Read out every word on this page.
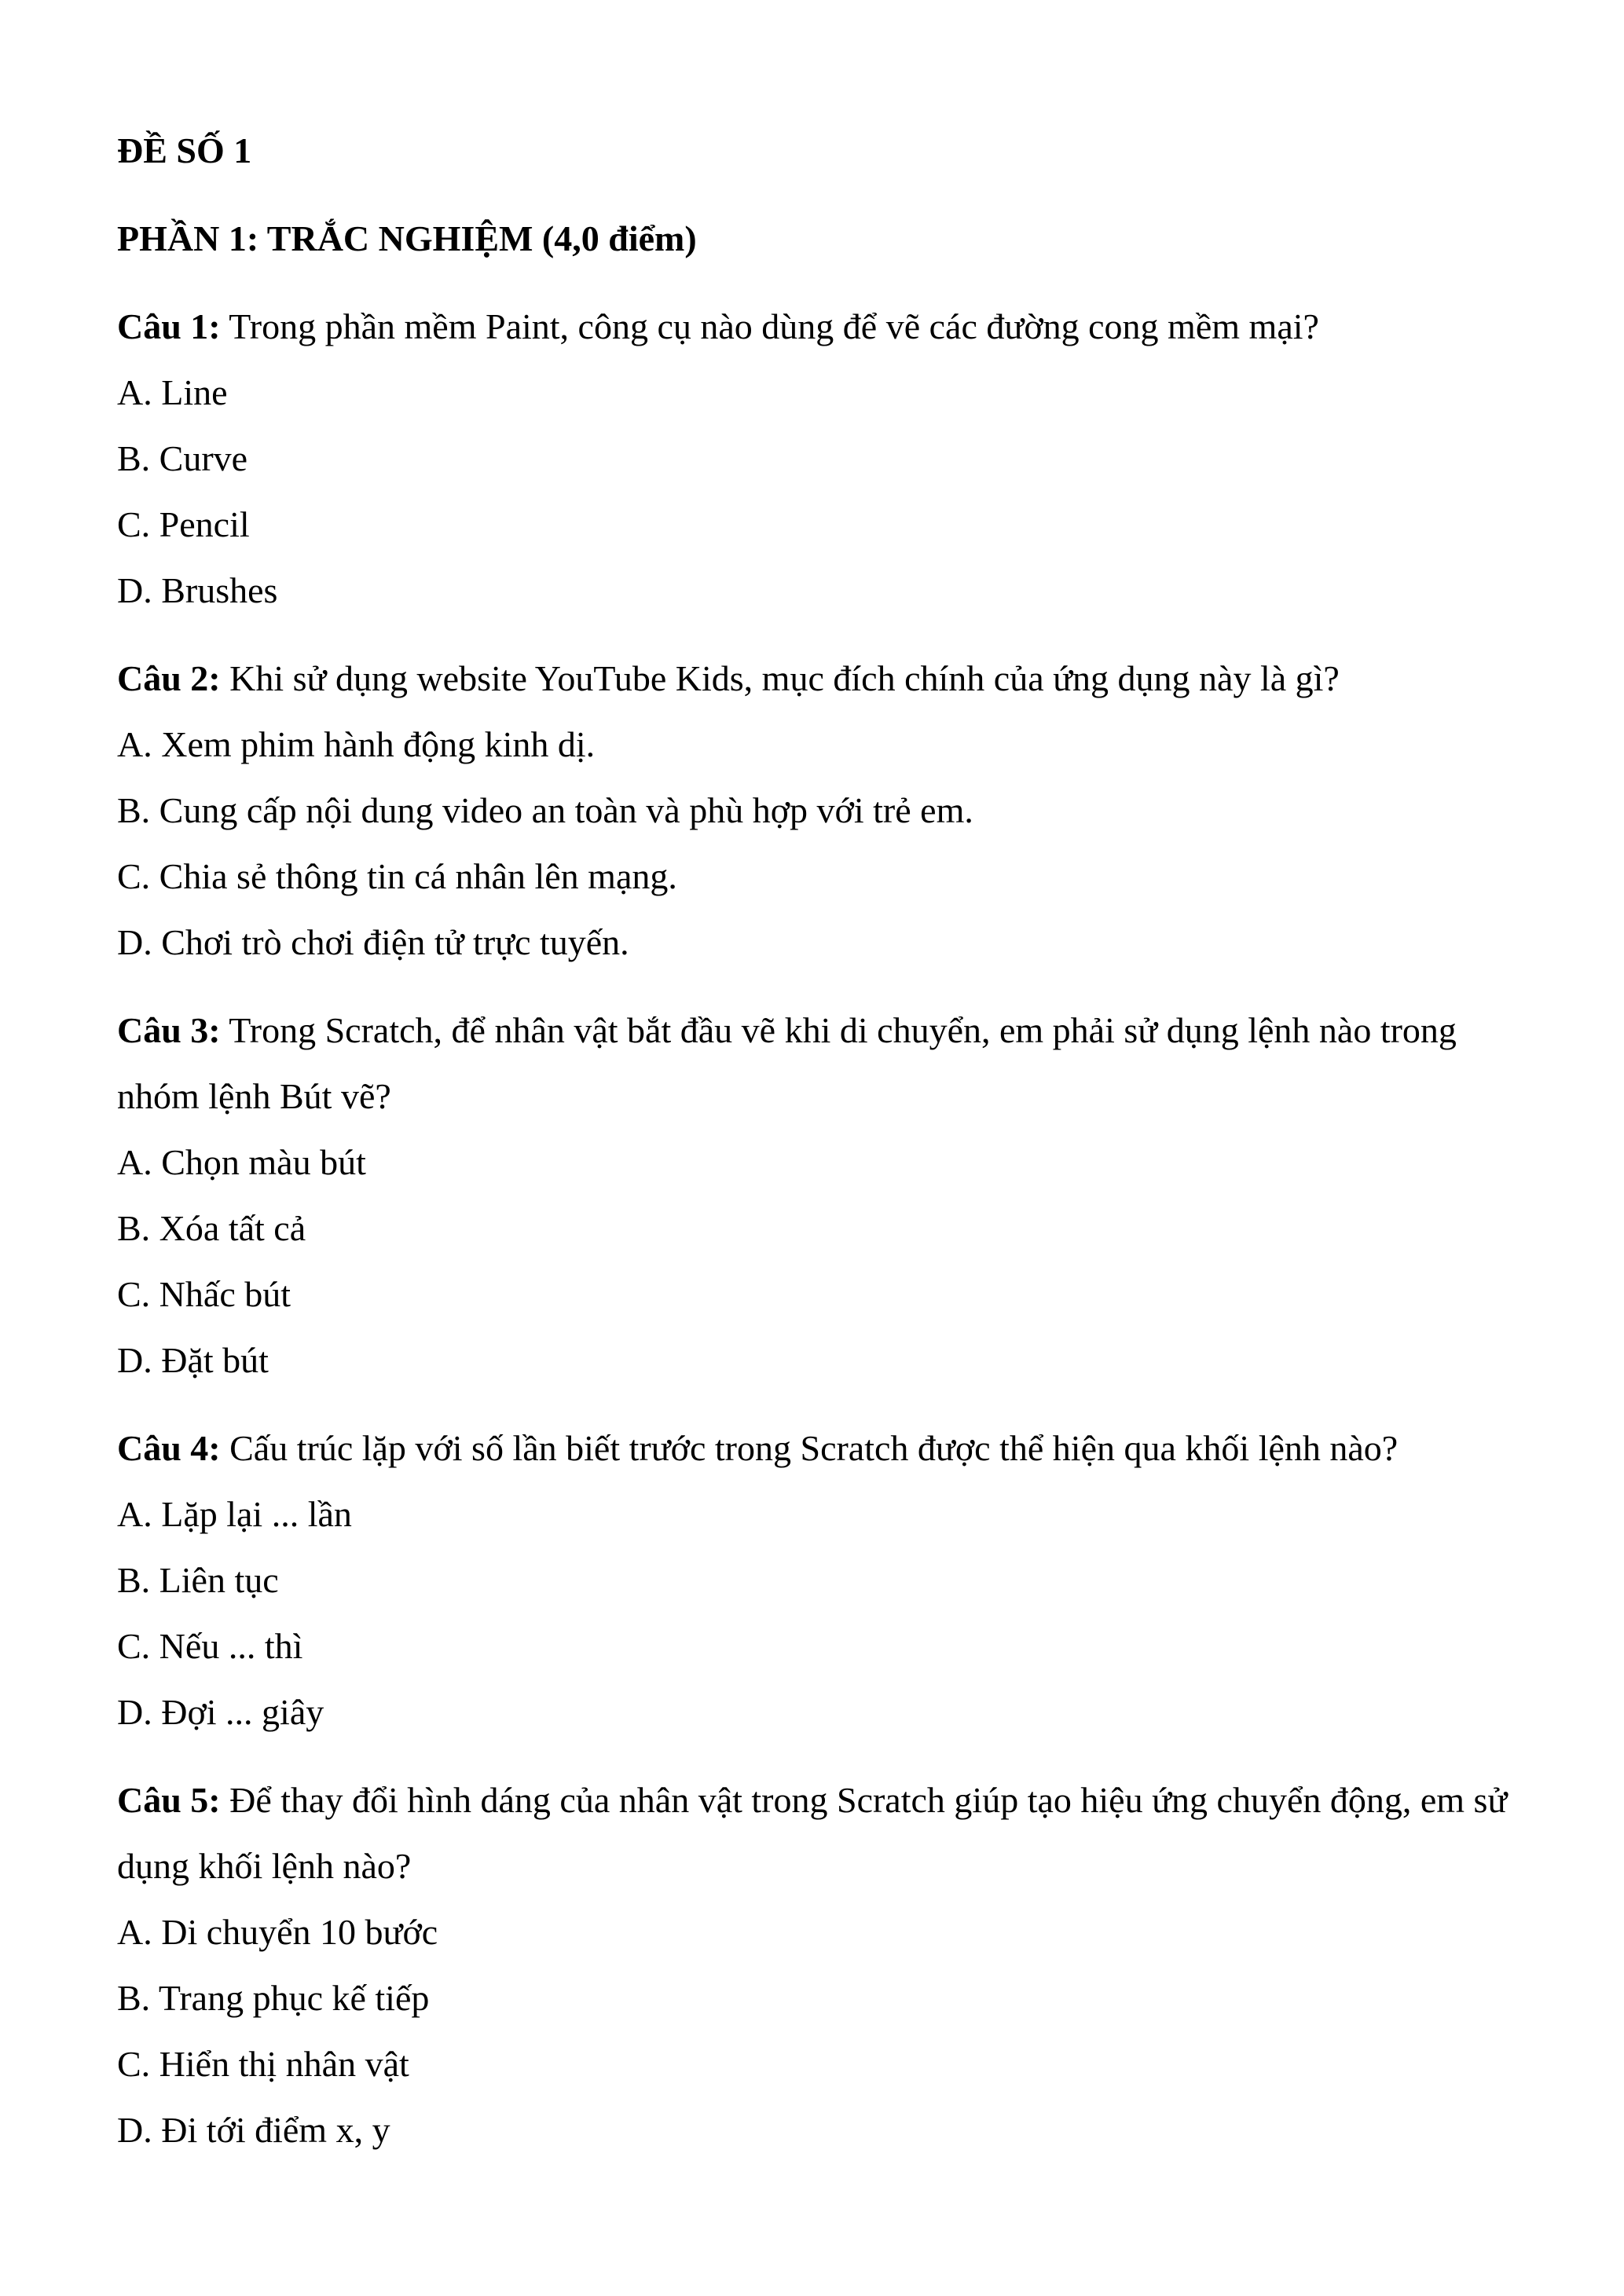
ĐỀ SỐ 1

PHẦN 1: TRẮC NGHIỆM (4,0 điểm)

Câu 1: Trong phần mềm Paint, công cụ nào dùng để vẽ các đường cong mềm mại?

A. Line

B. Curve

C. Pencil

D. Brushes

Câu 2: Khi sử dụng website YouTube Kids, mục đích chính của ứng dụng này là gì?

A. Xem phim hành động kinh dị.

B. Cung cấp nội dung video an toàn và phù hợp với trẻ em.

C. Chia sẻ thông tin cá nhân lên mạng.

D. Chơi trò chơi điện tử trực tuyến.

Câu 3: Trong Scratch, để nhân vật bắt đầu vẽ khi di chuyển, em phải sử dụng lệnh nào trong nhóm lệnh Bút vẽ?

A. Chọn màu bút

B. Xóa tất cả

C. Nhấc bút

D. Đặt bút

Câu 4: Cấu trúc lặp với số lần biết trước trong Scratch được thể hiện qua khối lệnh nào?

A. Lặp lại ... lần

B. Liên tục

C. Nếu ... thì

D. Đợi ... giây

Câu 5: Để thay đổi hình dáng của nhân vật trong Scratch giúp tạo hiệu ứng chuyển động, em sử dụng khối lệnh nào?

A. Di chuyển 10 bước

B. Trang phục kế tiếp

C. Hiển thị nhân vật

D. Đi tới điểm x, y
